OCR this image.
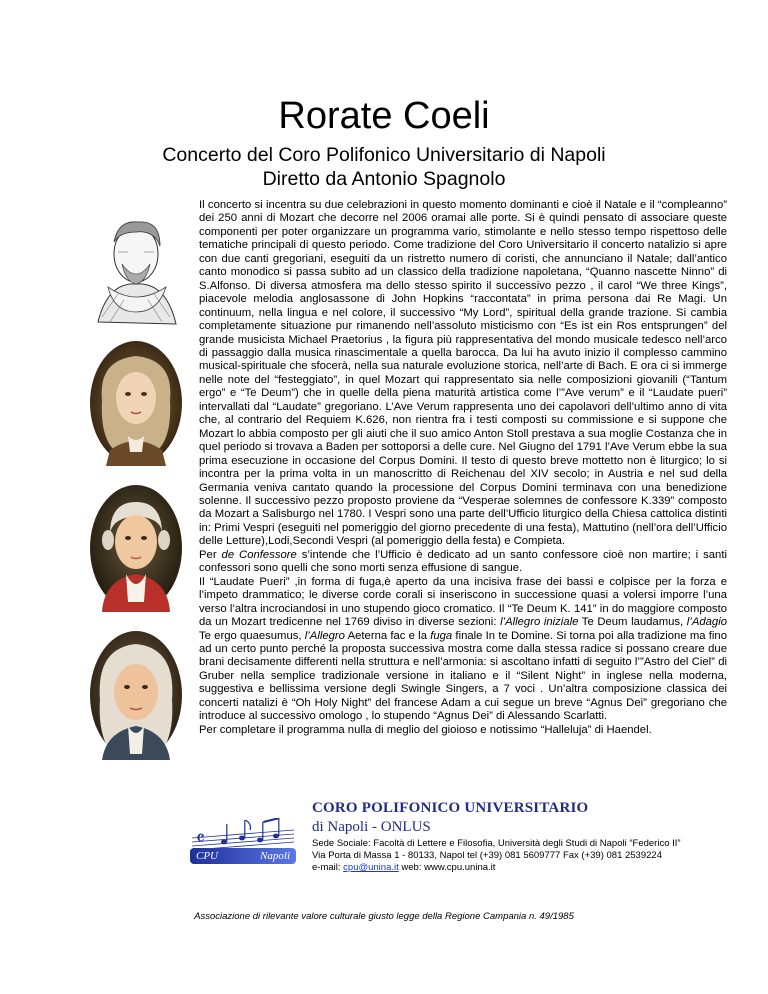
Rorate Coeli
Concerto del Coro Polifonico Universitario di Napoli
Diretto da Antonio Spagnolo

Il concerto si incentra su due celebrazioni in questo momento dominanti e cioè il Natale e il “compleanno” dei 250 anni di Mozart che decorre nel 2006 oramai alle porte. Si è quindi pensato di associare queste componenti per poter organizzare un programma vario, stimolante e nello stesso tempo rispettoso delle tematiche principali di questo periodo. Come tradizione del Coro Universitario il concerto natalizio si apre con due canti gregoriani, eseguiti da un ristretto numero di coristi, che annunciano il Natale; dall’antico canto monodico si passa subito ad un classico della tradizione napoletana, “Quanno nascette Ninno” di S.Alfonso. Di diversa atmosfera ma dello stesso spirito il successivo pezzo , il carol “We three Kings”, piacevole melodia anglosassone di John Hopkins “raccontata” in prima persona dai Re Magi. Un continuum, nella lingua e nel colore, il successivo “My Lord”, spiritual della grande trazione. Si cambia completamente situazione pur rimanendo nell’assoluto misticismo con “Es ist ein Ros entsprungen” del grande musicista Michael Praetorius , la figura più rappresentativa del mondo musicale tedesco nell’arco di passaggio dalla musica rinascimentale a quella barocca. Da lui ha avuto inizio il complesso cammino musical-spirituale che sfocerà, nella sua naturale evoluzione storica, nell’arte di Bach. E ora ci si immerge nelle note del “festeggiato”, in quel Mozart qui rappresentato sia nelle composizioni giovanili (“Tantum ergo” e “Te Deum”) che in quelle della piena maturità artistica come l’”Ave verum” e il “Laudate pueri” intervallati dal “Laudate” gregoriano. L’Ave Verum rappresenta uno dei capolavori dell’ultimo anno di vita che, al contrario del Requiem K.626, non rientra fra i testi composti su commissione e si suppone che Mozart lo abbia composto per gli aiuti che il suo amico Anton Stoll prestava a sua moglie Costanza che in quel periodo si trovava a Baden per sottoporsi a delle cure. Nel Giugno del 1791 l’Ave Verum ebbe la sua prima esecuzione in occasione del Corpus Domini. Il testo di questo breve mottetto non è liturgico; lo si incontra per la prima volta in un manoscritto di Reichenau del XIV secolo; in Austria e nel sud della Germania veniva cantato quando la processione del Corpus Domini terminava con una benedizione solenne. Il successivo pezzo proposto proviene da “Vesperae solemnes de confessore K.339” composto da Mozart a Salisburgo nel 1780. I Vespri sono una parte dell’Ufficio liturgico della Chiesa cattolica distinti in: Primi Vespri (eseguiti nel pomeriggio del giorno precedente di una festa), Mattutino (nell’ora dell’Ufficio delle Letture),Lodi,Secondi Vespri (al pomeriggio della festa) e Compieta.

Per de Confessore s’intende che l’Ufficio è dedicato ad un santo confessore cioè non martire; i santi confessori sono quelli che sono morti senza effusione di sangue.

Il “Laudate Pueri” ,in forma di fuga,è aperto da una incisiva frase dei bassi e colpisce per la forza e l’impeto drammatico; le diverse corde corali si inseriscono in successione quasi a volersi imporre l’una verso l’altra incrociandosi in uno stupendo gioco cromatico. Il “Te Deum K. 141” in do maggiore composto da un Mozart tredicenne nel 1769 diviso in diverse sezioni: l’Allegro iniziale Te Deum laudamus, l’Adagio Te ergo quaesumus, l’Allegro Aeterna fac e la fuga finale In te Domine. Si torna poi alla tradizione ma fino ad un certo punto perché la proposta successiva mostra come dalla stessa radice si possano creare due brani decisamente differenti nella struttura e nell’armonia: si ascoltano infatti di seguito l’”Astro del Ciel” di Gruber nella semplice tradizionale versione in italiano e il “Silent Night” in inglese nella moderna, suggestiva e bellissima versione degli Swingle Singers, a 7 voci . Un’altra composizione classica dei concerti natalizi è “Oh Holy Night” del francese Adam a cui segue un breve “Agnus Dei” gregoriano che introduce al successivo omologo , lo stupendo “Agnus Dei” di Alessando Scarlatti.

Per completare il programma nulla di meglio del gioioso e notissimo “Halleluja” di Haendel.

𝄴
CPU	Napoli
CORO POLIFONICO UNIVERSITARIO
di Napoli - ONLUS
Sede Sociale: Facoltà di Lettere e Filosofia, Università degli Studi di Napoli “Federico II”
Via Porta di Massa 1 - 80133, Napol tel (+39) 081 5609777 Fax (+39) 081 2539224
e-mail: cpu@unina.it web: www.cpu.unina.it
Associazione di rilevante valore culturale giusto legge della Regione Campania n. 49/1985
